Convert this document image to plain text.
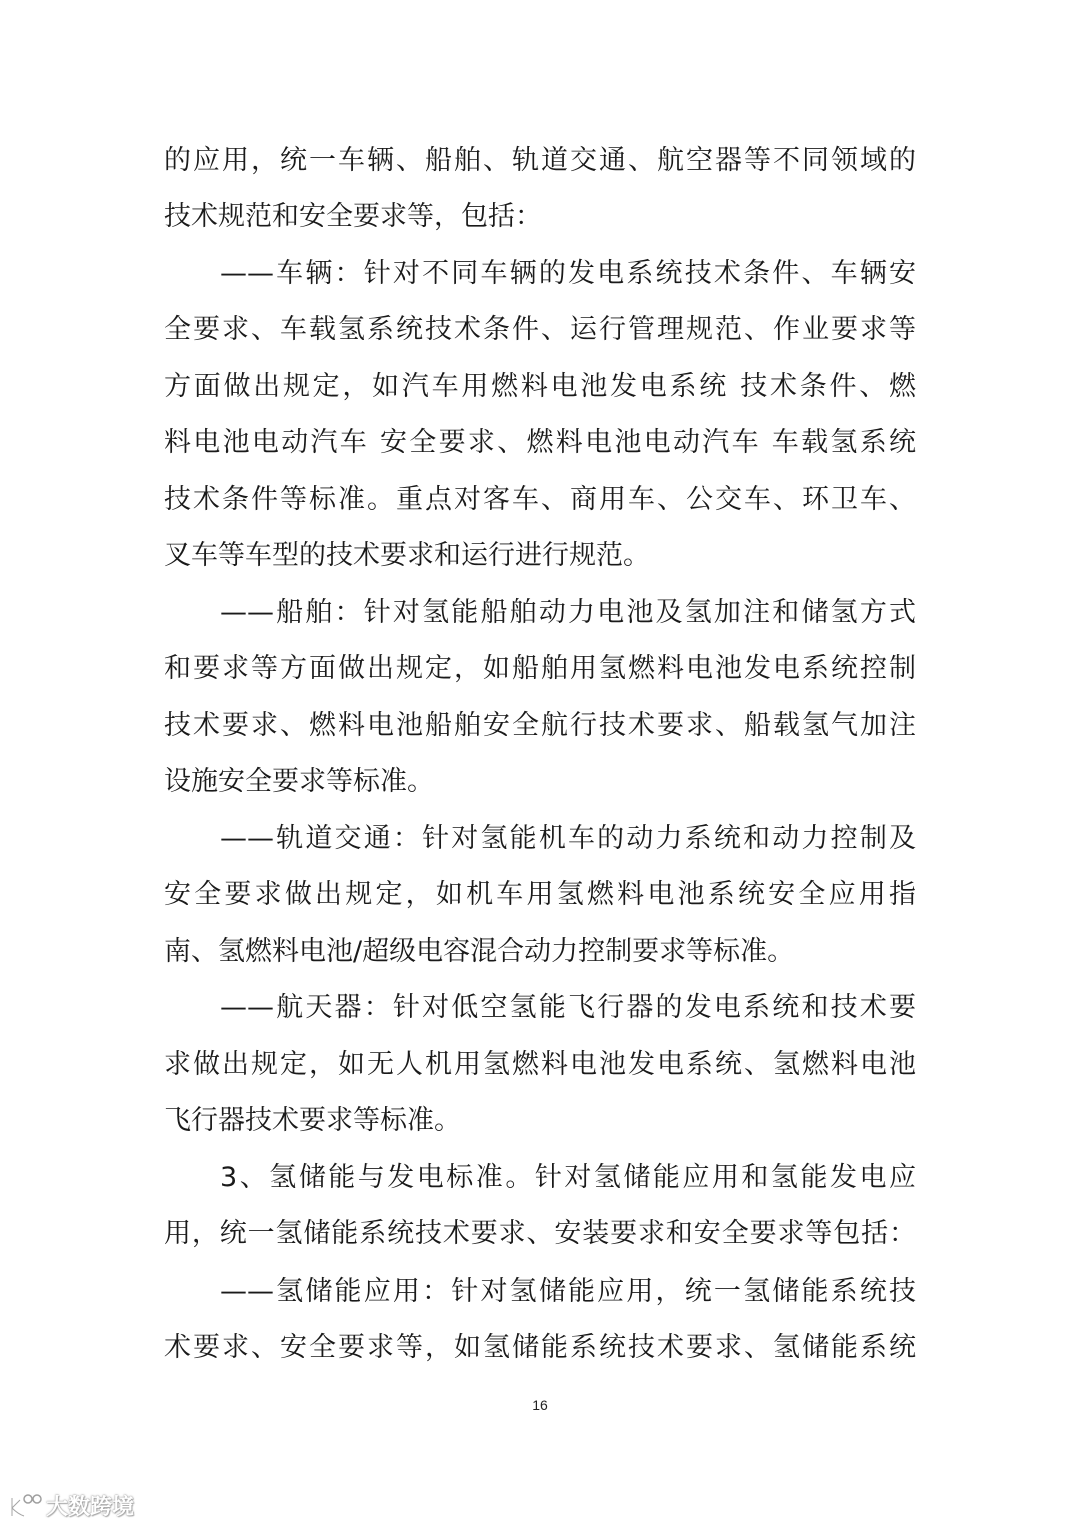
的应用，统一车辆、船舶、轨道交通、航空器等不同领域的
技术规范和安全要求等，包括：
——车辆：针对不同车辆的发电系统技术条件、车辆安
全要求、车载氢系统技术条件、运行管理规范、作业要求等
方面做出规定，如汽车用燃料电池发电系统 技术条件、燃
料电池电动汽车 安全要求、燃料电池电动汽车 车载氢系统
技术条件等标准。重点对客车、商用车、公交车、环卫车、
叉车等车型的技术要求和运行进行规范。
——船舶：针对氢能船舶动力电池及氢加注和储氢方式
和要求等方面做出规定，如船舶用氢燃料电池发电系统控制
技术要求、燃料电池船舶安全航行技术要求、船载氢气加注
设施安全要求等标准。
——轨道交通：针对氢能机车的动力系统和动力控制及
安全要求做出规定，如机车用氢燃料电池系统安全应用指
南、氢燃料电池/超级电容混合动力控制要求等标准。
——航天器：针对低空氢能飞行器的发电系统和技术要
求做出规定，如无人机用氢燃料电池发电系统、氢燃料电池
飞行器技术要求等标准。
3、氢储能与发电标准。针对氢储能应用和氢能发电应
用，统一氢储能系统技术要求、安装要求和安全要求等包括：
——氢储能应用：针对氢储能应用，统一氢储能系统技
术要求、安全要求等，如氢储能系统技术要求、氢储能系统
16
大数跨境
